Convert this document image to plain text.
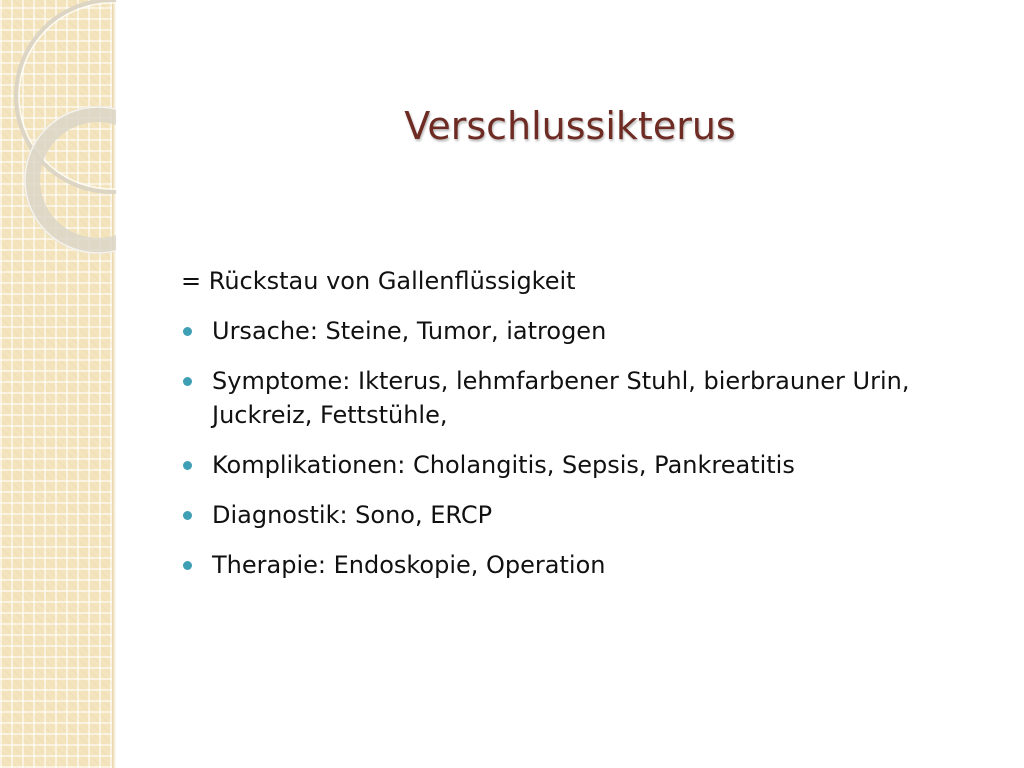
Verschlussikterus
= Rückstau von Gallenflüssigkeit
Ursache: Steine, Tumor, iatrogen
Symptome: Ikterus, lehmfarbener Stuhl, bierbrauner Urin, Juckreiz, Fettstühle,
Komplikationen: Cholangitis, Sepsis, Pankreatitis
Diagnostik: Sono, ERCP
Therapie: Endoskopie, Operation
